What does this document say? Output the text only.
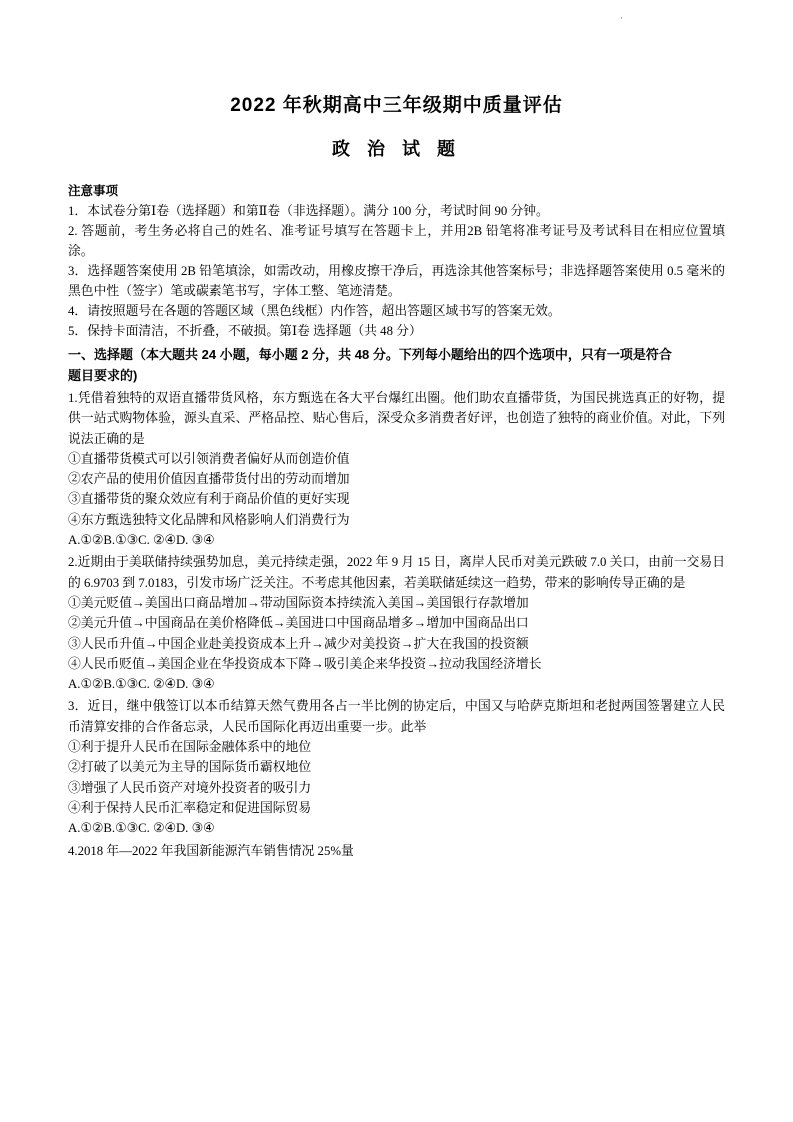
·
2022 年秋期高中三年级期中质量评估
政 治 试 题
注意事项

1．本试卷分第Ⅰ卷（选择题）和第Ⅱ卷（非选择题）。满分 100 分，考试时间 90 分钟。

2. 答题前，考生务必将自己的姓名、准考证号填写在答题卡上，并用2B 铅笔将准考证号及考试科目在相应位置填涂。

3．选择题答案使用 2B 铅笔填涂，如需改动，用橡皮擦干净后，再选涂其他答案标号；非选择题答案使用 0.5 毫米的黑色中性（签字）笔或碳素笔书写，字体工整、笔迹清楚。

4．请按照题号在各题的答题区域（黑色线框）内作答，超出答题区域书写的答案无效。

5．保持卡面清洁，不折叠，不破损。第Ⅰ卷 选择题（共 48 分）

一、选择题（本大题共 24 小题，每小题 2 分，共 48 分。下列每小题给出的四个选项中，只有一项是符合
题目要求的)

1.凭借着独特的双语直播带货风格，东方甄选在各大平台爆红出圈。他们助农直播带货，为国民挑选真正的好物，提供一站式购物体验，源头直采、严格品控、贴心售后，深受众多消费者好评，也创造了独特的商业价值。对此，下列说法正确的是

①直播带货模式可以引领消费者偏好从而创造价值

②农产品的使用价值因直播带货付出的劳动而增加

③直播带货的聚众效应有利于商品价值的更好实现

④东方甄选独特文化品牌和风格影响人们消费行为

A.①②B.①③C. ②④D. ③④

2.近期由于美联储持续强势加息，美元持续走强，2022 年 9 月 15 日，离岸人民币对美元跌破 7.0 关口，由前一交易日的 6.9703 到 7.0183，引发市场广泛关注。不考虑其他因素，若美联储延续这一趋势，带来的影响传导正确的是

①美元贬值→美国出口商品增加→带动国际资本持续流入美国→美国银行存款增加

②美元升值→中国商品在美价格降低→美国进口中国商品增多→增加中国商品出口

③人民币升值→中国企业赴美投资成本上升→减少对美投资→扩大在我国的投资额

④人民币贬值→美国企业在华投资成本下降→吸引美企来华投资→拉动我国经济增长

A.①②B.①③C. ②④D. ③④

3．近日，继中俄签订以本币结算天然气费用各占一半比例的协定后，中国又与哈萨克斯坦和老挝两国签署建立人民币清算安排的合作备忘录，人民币国际化再迈出重要一步。此举

①利于提升人民币在国际金融体系中的地位

②打破了以美元为主导的国际货币霸权地位

③增强了人民币资产对境外投资者的吸引力

④利于保持人民币汇率稳定和促进国际贸易

A.①②B.①③C. ②④D. ③④

4.2018 年—2022 年我国新能源汽车销售情况 25%量
